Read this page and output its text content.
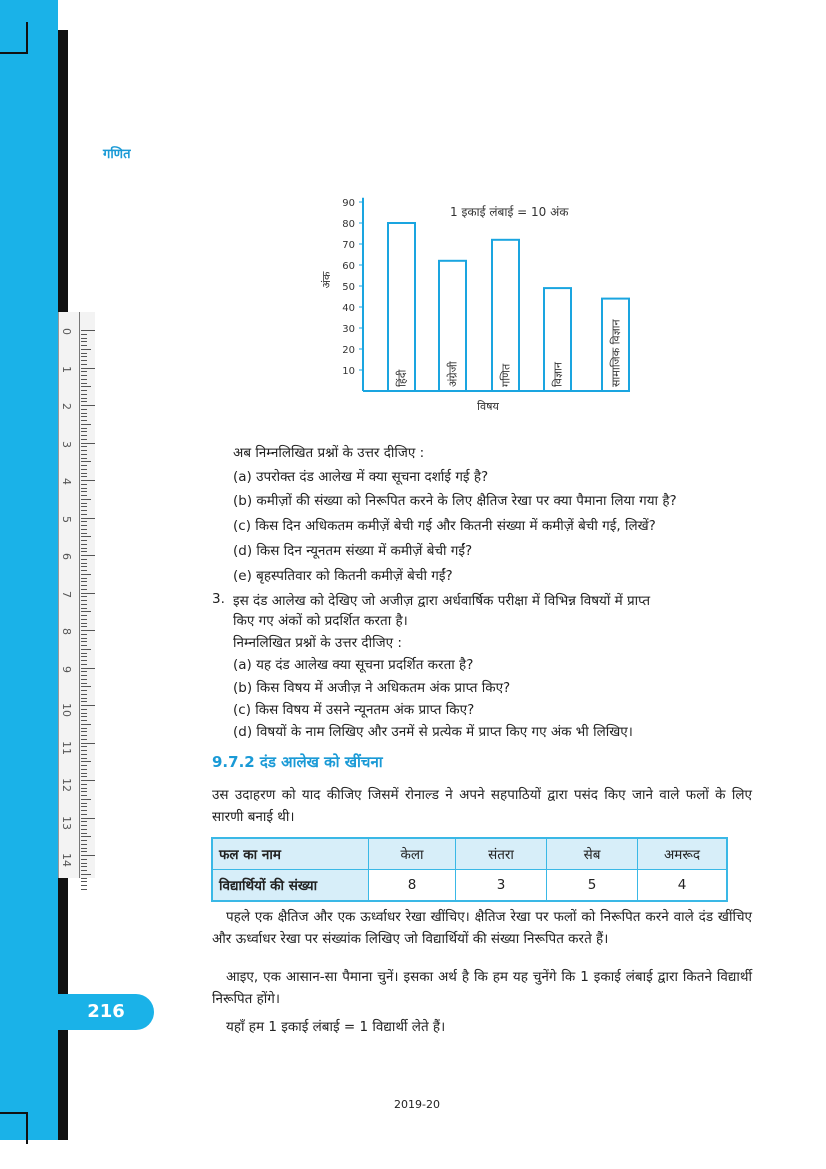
0
1
2
3
4
5
6
7
8
9
10
11
12
13
14
गणित
10
20
30
40
50
60
70
80
90
हिंदी	अंग्रेजी	गणित	विज्ञान	सामाजिक विज्ञान
1 इकाई लंबाई = 10 अंक
विषय
अंक
अब निम्नलिखित प्रश्नों के उत्तर दीजिए :
(a) उपरोक्त दंड आलेख में क्या सूचना दर्शाई गई है?
(b) कमीज़ों की संख्या को निरूपित करने के लिए क्षैतिज रेखा पर क्या पैमाना लिया गया है?
(c) किस दिन अधिकतम कमीज़ें बेची गई और कितनी संख्या में कमीज़ें बेची गई, लिखें?
(d) किस दिन न्यूनतम संख्या में कमीज़ें बेची गईं?
(e) बृहस्पतिवार को कितनी कमीज़ें बेची गईं?
3. इस दंड आलेख को देखिए जो अजीज़ द्वारा अर्धवार्षिक परीक्षा में विभिन्न विषयों में प्राप्त
किए गए अंकों को प्रदर्शित करता है।
निम्नलिखित प्रश्नों के उत्तर दीजिए :
(a) यह दंड आलेख क्या सूचना प्रदर्शित करता है?
(b) किस विषय में अजीज़ ने अधिकतम अंक प्राप्त किए?
(c) किस विषय में उसने न्यूनतम अंक प्राप्त किए?
(d) विषयों के नाम लिखिए और उनमें से प्रत्येक में प्राप्त किए गए अंक भी लिखिए।
9.7.2 दंड आलेख को खींचना
उस उदाहरण को याद कीजिए जिसमें रोनाल्ड ने अपने सहपाठियों द्वारा पसंद किए जाने वाले फलों के लिए सारणी बनाई थी।
फल का नाम	केला	संतरा	सेब	अमरूद
विद्यार्थियों की संख्या	8	3	5	4
पहले एक क्षैतिज और एक ऊर्ध्वाधर रेखा खींचिए। क्षैतिज रेखा पर फलों को निरूपित करने वाले दंड खींचिए और ऊर्ध्वाधर रेखा पर संख्यांक लिखिए जो विद्यार्थियों की संख्या निरूपित करते हैं।
आइए, एक आसान-सा पैमाना चुनें। इसका अर्थ है कि हम यह चुनेंगे कि 1 इकाई लंबाई द्वारा कितने विद्यार्थी निरूपित होंगे।
यहाँ हम 1 इकाई लंबाई = 1 विद्यार्थी लेते हैं।
216
2019-20
